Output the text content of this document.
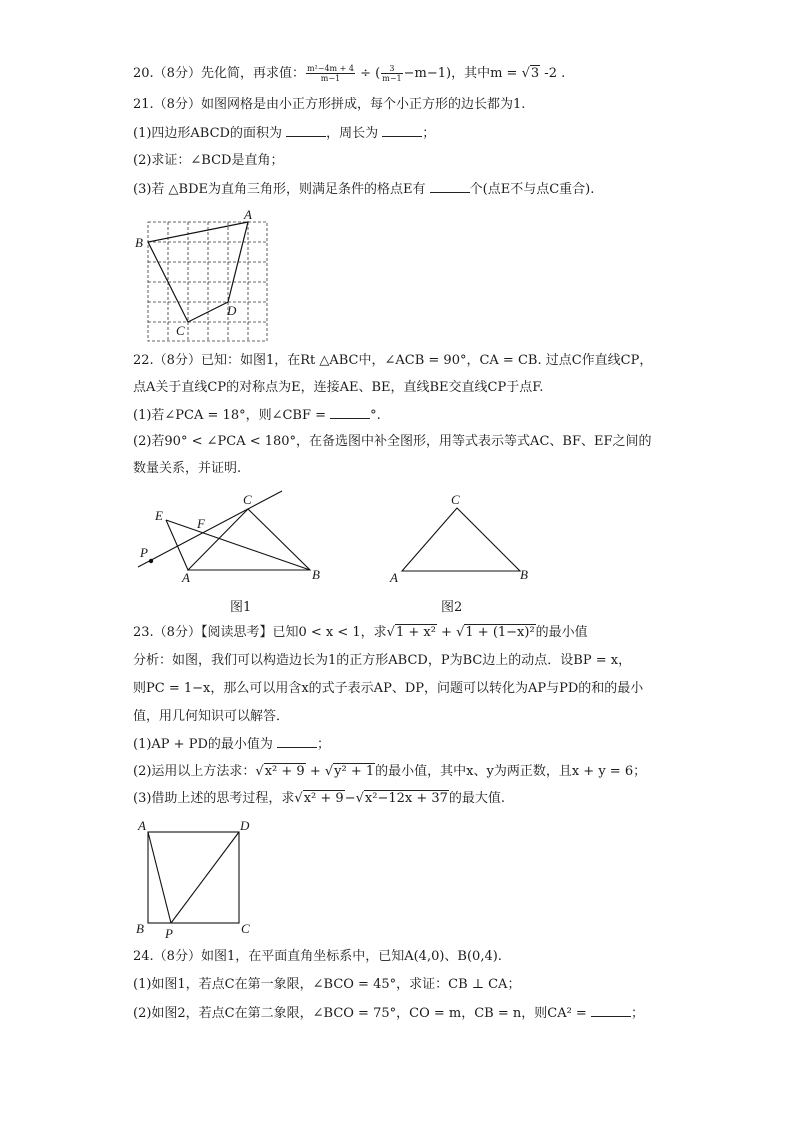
20.（8分）先化简，再求值： $\frac{\text{m²−4m + 4}}{m-1}$ ÷ ( $\frac{3}{m-1} -m-1$)，其中m = √3 -2 .
21.（8分）如图网格是由小正方形拼成，每个小正方形的边长都为1.
(1)四边形ABCD的面积为	，周长为	；
(2)求证：∠BCD是直角；
(3)若 △BDE为直角三角形，则满足条件的格点E有	个(点E不与点C重合).
A
B
C
D
22.（8分）已知：如图1，在Rt △ABC中，∠ACB = 90°，CA = CB. 过点C作直线CP，
点A关于直线CP的对称点为E，连接AE、BE，直线BE交直线CP于点F.
(1)若∠PCA = 18°，则∠CBF =	°.
(2)若90° < ∠PCA < 180°，在备选图中补全图形，用等式表示等式AC、BF、EF之间的
数量关系，并证明.
E
F
C
P
A	B
C
A	B
图1	图2
23.（8分）【阅读思考】已知0 < x < 1，求√1 + x² + √1 + (1−x)²的最小值
分析：如图，我们可以构造边长为1的正方形ABCD，P为BC边上的动点．设BP = x，
则PC = 1−x，那么可以用含x的式子表示AP、DP，问题可以转化为AP与PD的和的最小
值，用几何知识可以解答．
(1)AP + PD的最小值为	；
(2)运用以上方法求：√x² + 9 + √y² + 1的最小值，其中x、y为两正数，且x + y = 6；
(3)借助上述的思考过程，求√x² + 9−√x²−12x + 37的最大值.
A	D
B P	C
24.（8分）如图1，在平面直角坐标系中，已知A(4,0)、B(0,4).
(1)如图1，若点C在第一象限，∠BCO = 45°，求证：CB ⊥ CA；
(2)如图2，若点C在第二象限，∠BCO = 75°，CO = m，CB = n，则CA² =	；
